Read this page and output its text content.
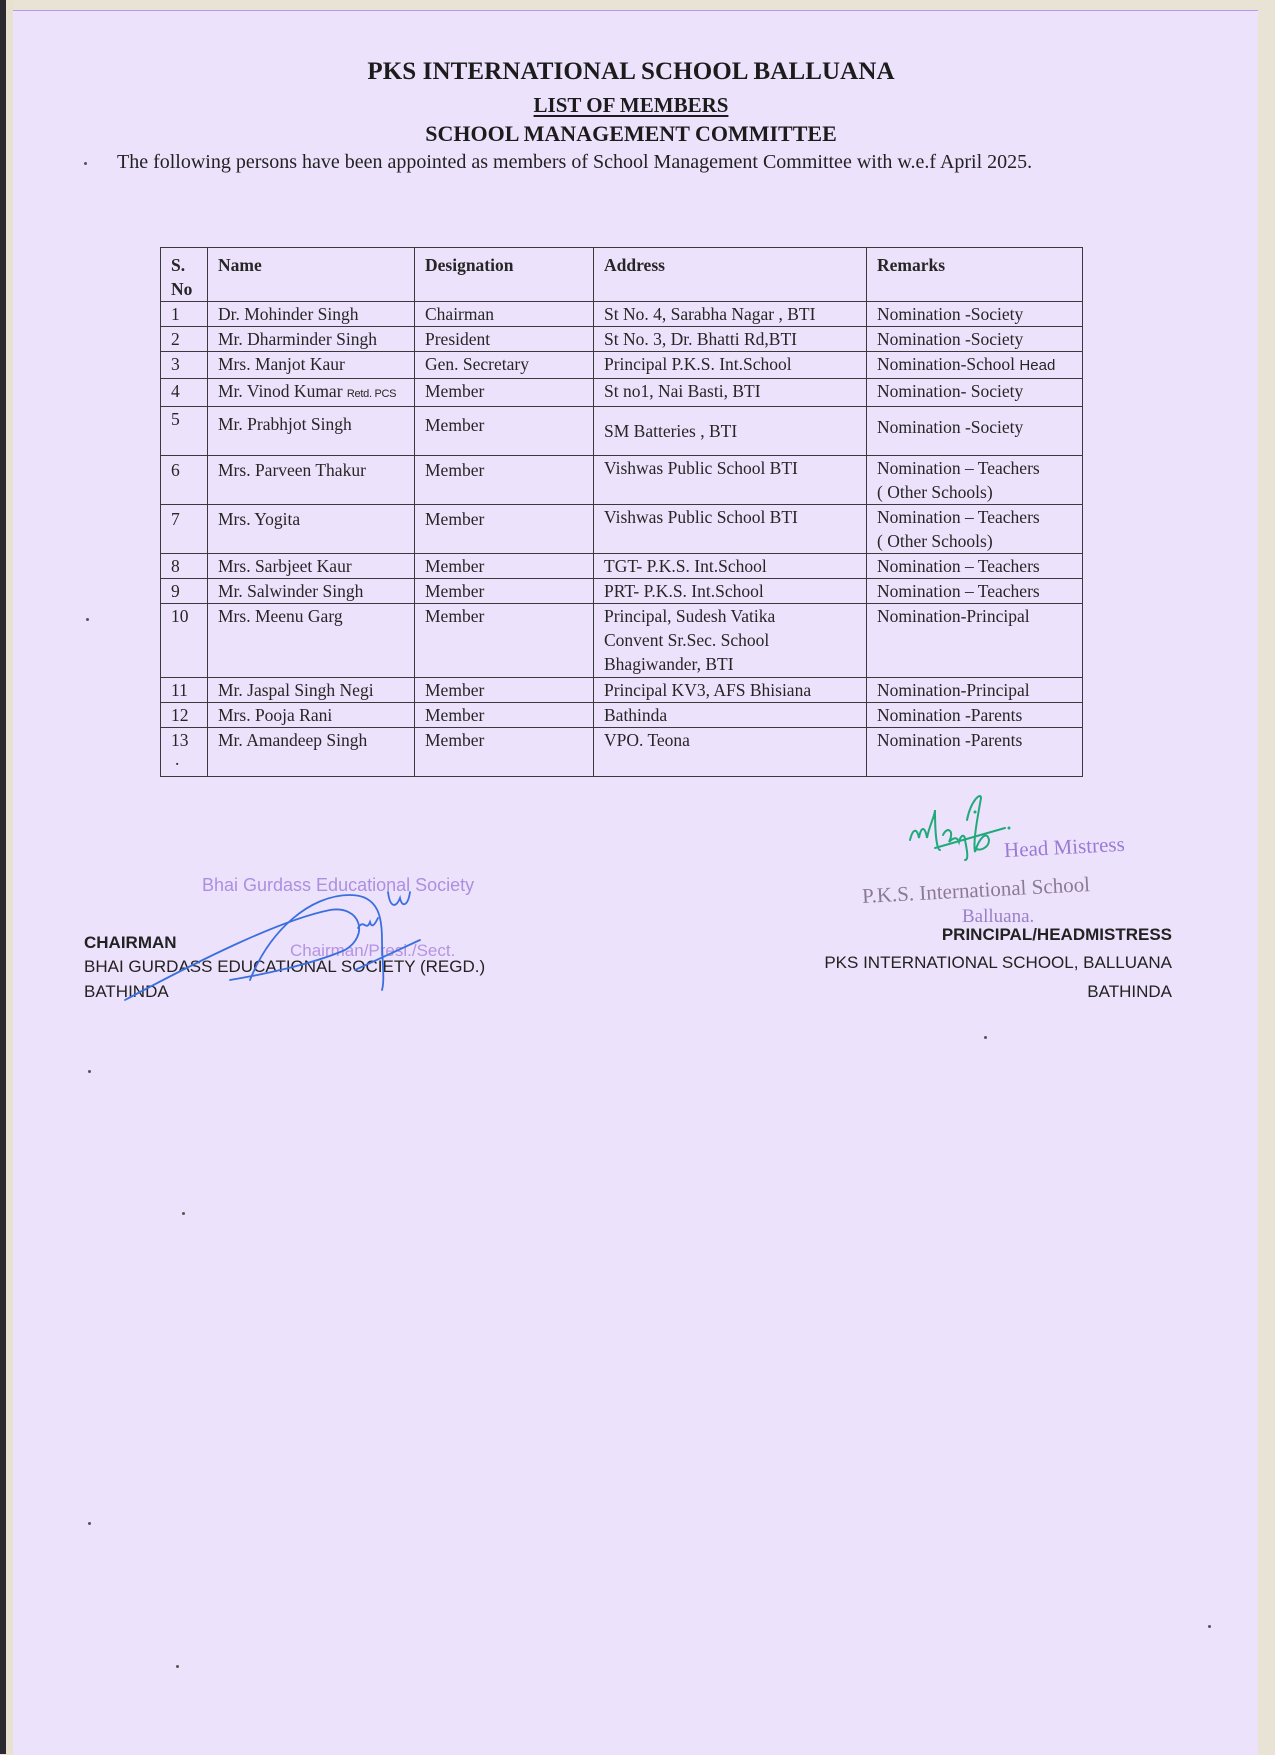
PKS INTERNATIONAL SCHOOL BALLUANA
LIST OF MEMBERS
SCHOOL MANAGEMENT COMMITTEE
The following persons have been appointed as members of School Management Committee with w.e.f April 2025.
S.
No	Name	Designation	Address	Remarks
1	Dr. Mohinder Singh	Chairman	St No. 4, Sarabha Nagar , BTI	Nomination -Society
2	Mr. Dharminder Singh	President	St No. 3, Dr. Bhatti Rd,BTI	Nomination -Society
3	Mrs. Manjot Kaur	Gen. Secretary	Principal P.K.S. Int.School	Nomination-School Head
4	Mr. Vinod Kumar Retd. PCS	Member	St no1, Nai Basti, BTI	Nomination- Society
5	Mr. Prabhjot Singh	Member	SM Batteries , BTI	Nomination -Society
6	Mrs. Parveen Thakur	Member	Vishwas Public School BTI	Nomination – Teachers
( Other Schools)
7	Mrs. Yogita	Member	Vishwas Public School BTI	Nomination – Teachers
( Other Schools)
8	Mrs. Sarbjeet Kaur	Member	TGT- P.K.S. Int.School	Nomination – Teachers
9	Mr. Salwinder Singh	Member	PRT- P.K.S. Int.School	Nomination – Teachers
10	Mrs. Meenu Garg	Member	Principal, Sudesh Vatika
Convent Sr.Sec. School
Bhagiwander, BTI	Nomination-Principal
11	Mr. Jaspal Singh Negi	Member	Principal KV3, AFS Bhisiana	Nomination-Principal
12	Mrs. Pooja Rani	Member	Bathinda	Nomination -Parents
13
.	Mr. Amandeep Singh	Member	VPO. Teona	Nomination -Parents
Bhai Gurdass Educational Society
Chairman/Presi./Sect.
CHAIRMAN
BHAI GURDASS EDUCATIONAL SOCIETY (REGD.)
BATHINDA
Head Mistress
P.K.S. International School
Balluana.
PRINCIPAL/HEADMISTRESS
PKS INTERNATIONAL SCHOOL, BALLUANA
BATHINDA
